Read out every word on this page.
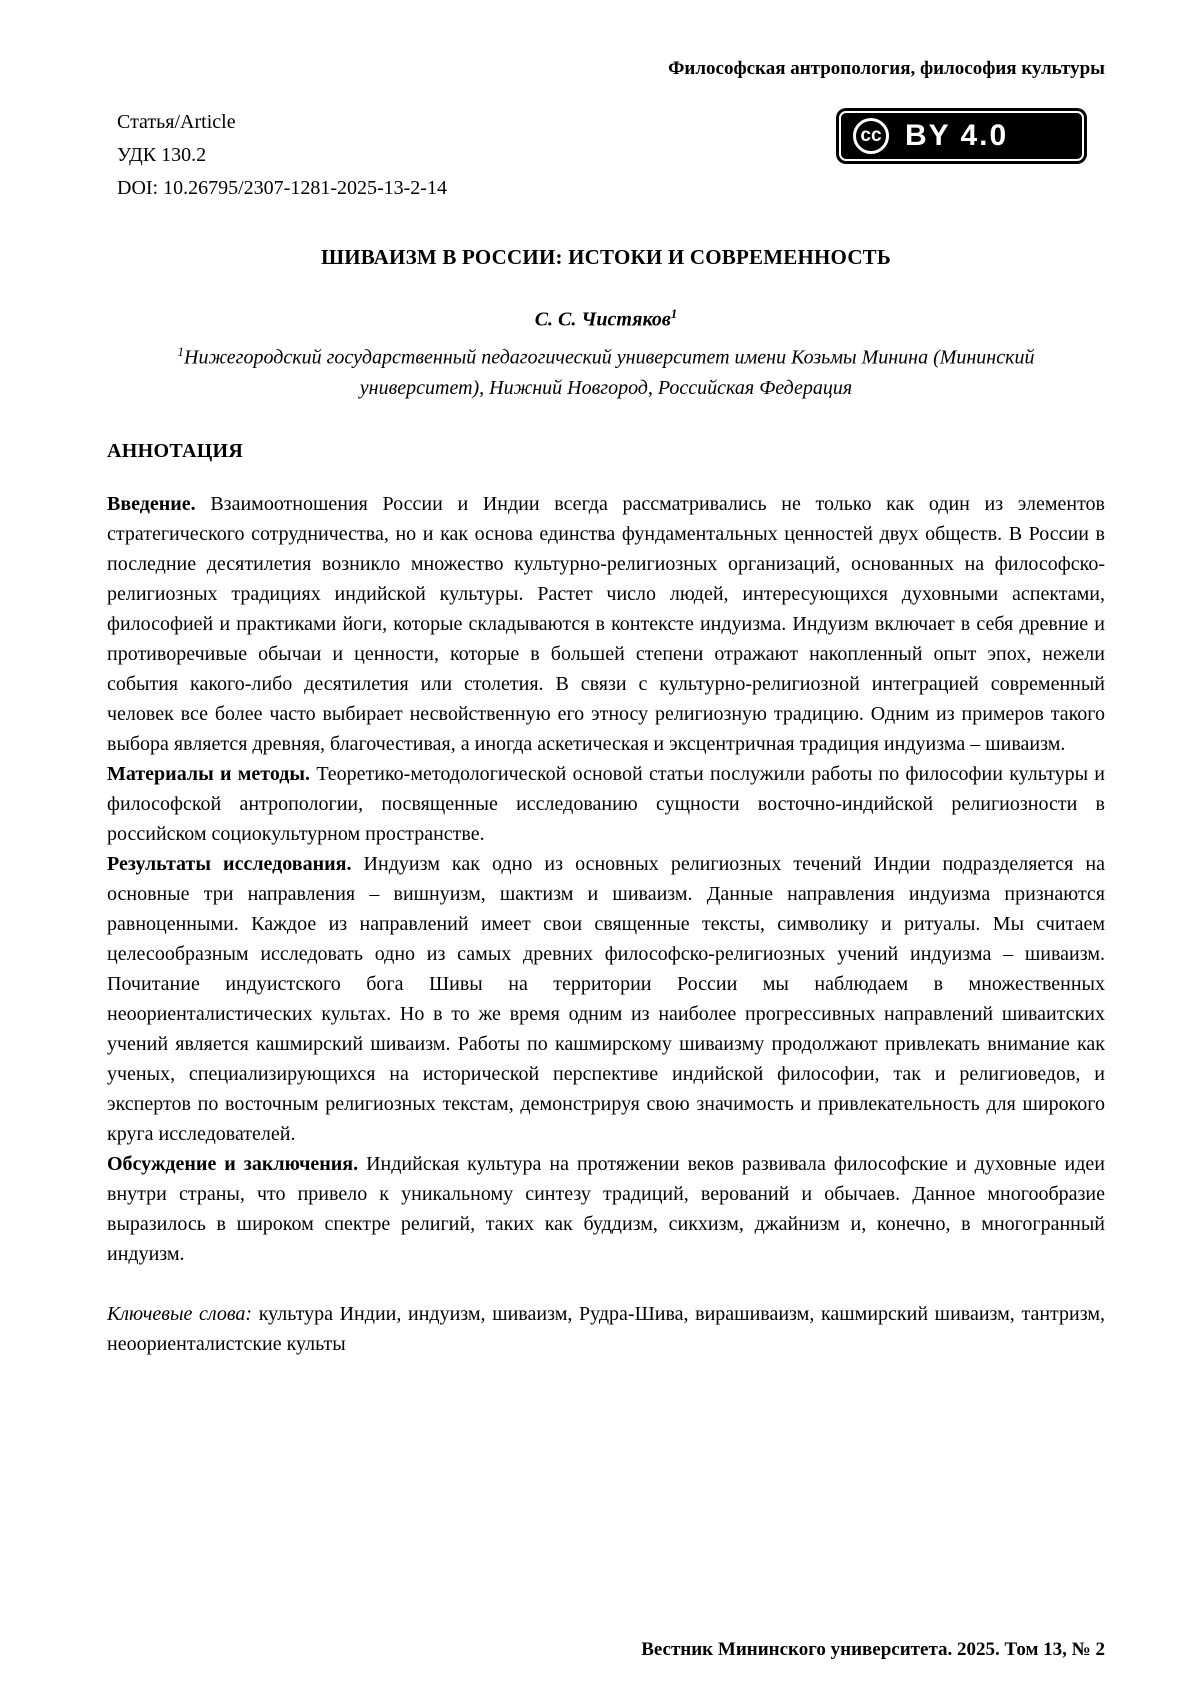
Философская антропология, философия культуры
Статья/Article
УДК 130.2
DOI: 10.26795/2307-1281-2025-13-2-14
cc BY 4.0
ШИВАИЗМ В РОССИИ: ИСТОКИ И СОВРЕМЕННОСТЬ
С. С. Чистяков$^1$
$^1$Нижегородский государственный педагогический университет имени Козьмы Минина (Мининский университет), Нижний Новгород, Российская Федерация
АННОТАЦИЯ

Введение. Взаимоотношения России и Индии всегда рассматривались не только как один из элементов стратегического сотрудничества, но и как основа единства фундаментальных ценностей двух обществ. В России в последние десятилетия возникло множество культурно-религиозных организаций, основанных на философско-религиозных традициях индийской культуры. Растет число людей, интересующихся духовными аспектами, философией и практиками йоги, которые складываются в контексте индуизма. Индуизм включает в себя древние и противоречивые обычаи и ценности, которые в большей степени отражают накопленный опыт эпох, нежели события какого-либо десятилетия или столетия. В связи с культурно-религиозной интеграцией современный человек все более часто выбирает несвойственную его этносу религиозную традицию. Одним из примеров такого выбора является древняя, благочестивая, а иногда аскетическая и эксцентричная традиция индуизма – шиваизм.

Материалы и методы. Теоретико-методологической основой статьи послужили работы по философии культуры и философской антропологии, посвященные исследованию сущности восточно-индийской религиозности в российском социокультурном пространстве.

Результаты исследования. Индуизм как одно из основных религиозных течений Индии подразделяется на основные три направления – вишнуизм, шактизм и шиваизм. Данные направления индуизма признаются равноценными. Каждое из направлений имеет свои священные тексты, символику и ритуалы. Мы считаем целесообразным исследовать одно из самых древних философско-религиозных учений индуизма – шиваизм. Почитание индуистского бога Шивы на территории России мы наблюдаем в множественных неоориенталистических культах. Но в то же время одним из наиболее прогрессивных направлений шиваитских учений является кашмирский шиваизм. Работы по кашмирскому шиваизму продолжают привлекать внимание как ученых, специализирующихся на исторической перспективе индийской философии, так и религиоведов, и экспертов по восточным религиозных текстам, демонстрируя свою значимость и привлекательность для широкого круга исследователей.

Обсуждение и заключения. Индийская культура на протяжении веков развивала философские и духовные идеи внутри страны, что привело к уникальному синтезу традиций, верований и обычаев. Данное многообразие выразилось в широком спектре религий, таких как буддизм, сикхизм, джайнизм и, конечно, в многогранный индуизм.

Ключевые слова: культура Индии, индуизм, шиваизм, Рудра-Шива, вирашиваизм, кашмирский шиваизм, тантризм, неоориенталистские культы

Вестник Мининского университета. 2025. Том 13, № 2
